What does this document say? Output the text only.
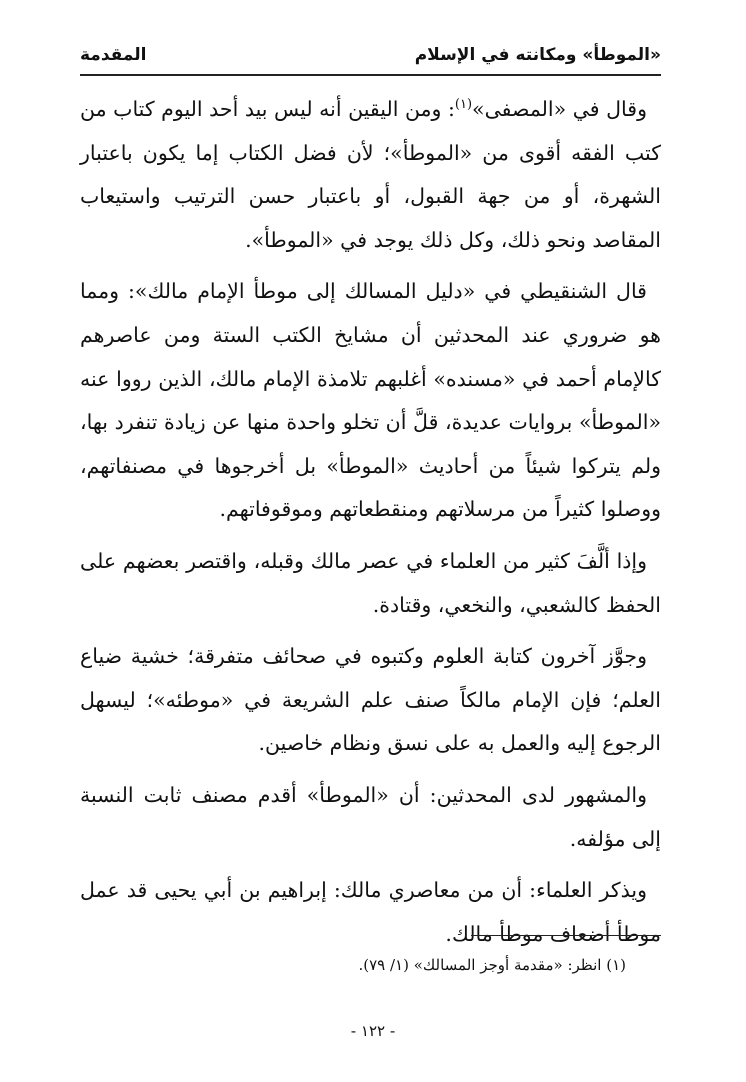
«الموطأ» ومكانته في الإسلام
المقدمة

وقال في «المصفى»$^{(١)}$: ومن اليقين أنه ليس بيد أحد اليوم كتاب من كتب الفقه أقوى من «الموطأ»؛ لأن فضل الكتاب إما يكون باعتبار الشهرة، أو من جهة القبول، أو باعتبار حسن الترتيب واستيعاب المقاصد ونحو ذلك، وكل ذلك يوجد في «الموطأ».

قال الشنقيطي في «دليل المسالك إلى موطأ الإمام مالك»: ومما هو ضروري عند المحدثين أن مشايخ الكتب الستة ومن عاصرهم كالإمام أحمد في «مسنده» أغلبهم تلامذة الإمام مالك، الذين رووا عنه «الموطأ» بروايات عديدة، قلَّ أن تخلو واحدة منها عن زيادة تنفرد بها، ولم يتركوا شيئاً من أحاديث «الموطأ» بل أخرجوها في مصنفاتهم، ووصلوا كثيراً من مرسلاتهم ومنقطعاتهم وموقوفاتهم.

وإذا ألَّفَ كثير من العلماء في عصر مالك وقبله، واقتصر بعضهم على الحفظ كالشعبي، والنخعي، وقتادة.

وجوَّز آخرون كتابة العلوم وكتبوه في صحائف متفرقة؛ خشية ضياع العلم؛ فإن الإمام مالكاً صنف علم الشريعة في «موطئه»؛ ليسهل الرجوع إليه والعمل به على نسق ونظام خاصين.

والمشهور لدى المحدثين: أن «الموطأ» أقدم مصنف ثابت النسبة إلى مؤلفه.

ويذكر العلماء: أن من معاصري مالك: إبراهيم بن أبي يحيى قد عمل موطأ أضعاف موطأ مالك.

(١) انظر: «مقدمة أوجز المسالك» (١/ ٧٩).
- ١٢٢ -
